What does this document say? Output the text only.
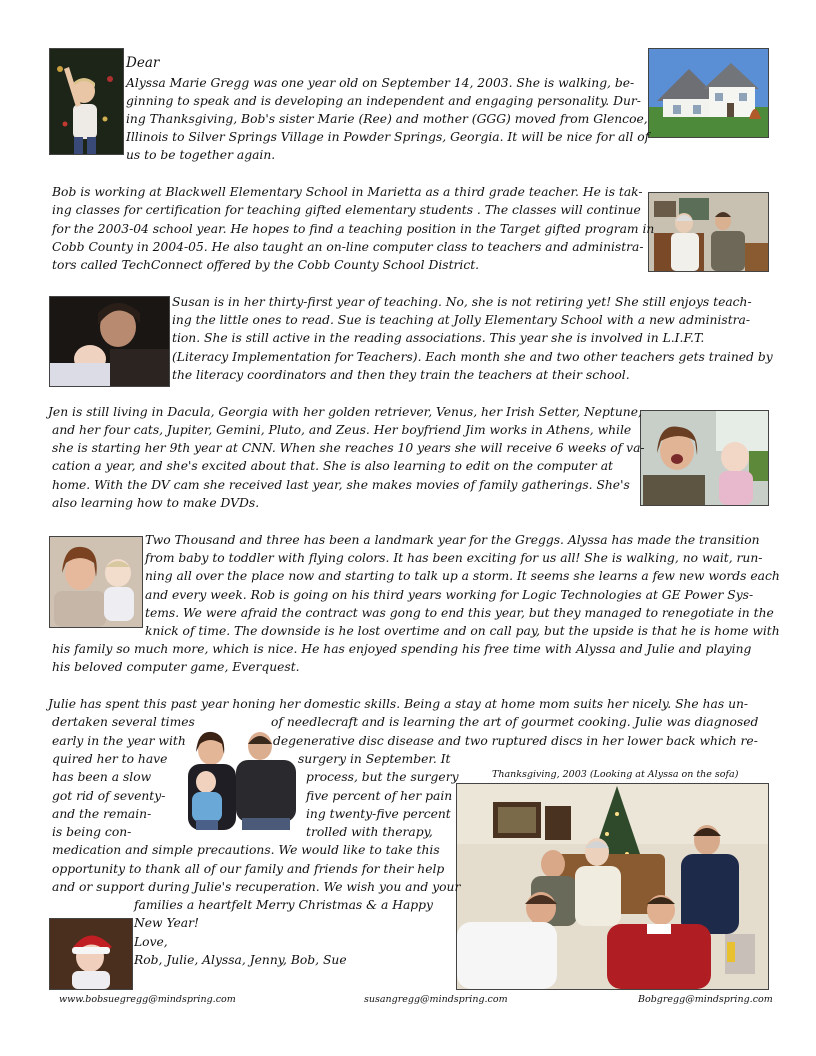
Dear
Alyssa Marie Gregg was one year old on September 14, 2003. She is walking, be-
ginning to speak and is developing an independent and engaging personality. Dur-
ing Thanksgiving, Bob's sister Marie (Ree) and mother (GGG) moved from Glencoe,
Illinois to Silver Springs Village in Powder Springs, Georgia. It will be nice for all of
us to be together again.
Bob is working at Blackwell Elementary School in Marietta as a third grade teacher. He is tak-
ing classes for certification for teaching gifted elementary students . The classes will continue
for the 2003-04 school year. He hopes to find a teaching position in the Target gifted program in
Cobb County in 2004-05. He also taught an on-line computer class to teachers and administra-
tors called TechConnect offered by the Cobb County School District.
Susan is in her thirty-first year of teaching. No, she is not retiring yet! She still enjoys teach-
ing the little ones to read. Sue is teaching at Jolly Elementary School with a new administra-
tion. She is still active in the reading associations. This year she is involved in L.I.F.T.
(Literacy Implementation for Teachers). Each month she and two other teachers gets trained by
the literacy coordinators and then they train the teachers at their school.
Jen is still living in Dacula, Georgia with her golden retriever, Venus, her Irish Setter, Neptune,
and her four cats, Jupiter, Gemini, Pluto, and Zeus. Her boyfriend Jim works in Athens, while
she is starting her 9th year at CNN. When she reaches 10 years she will receive 6 weeks of va-
cation a year, and she's excited about that. She is also learning to edit on the computer at
home. With the DV cam she received last year, she makes movies of family gatherings. She's
also learning how to make DVDs.
Two Thousand and three has been a landmark year for the Greggs. Alyssa has made the transition
from baby to toddler with flying colors. It has been exciting for us all! She is walking, no wait, run-
ning all over the place now and starting to talk up a storm. It seems she learns a few new words each
and every week. Rob is going on his third years working for Logic Technologies at GE Power Sys-
tems. We were afraid the contract was gong to end this year, but they managed to renegotiate in the
knick of time. The downside is he lost overtime and on call pay, but the upside is that he is home with
his family so much more, which is nice. He has enjoyed spending his free time with Alyssa and Julie and playing
his beloved computer game, Everquest.
Julie has spent this past year honing her domestic skills. Being a stay at home mom suits her nicely. She has un-
dertaken several times	of needlecraft and is learning the art of gourmet cooking. Julie was diagnosed
early in the year with	degenerative disc disease and two ruptured discs in her lower back which re-
quired her to have	surgery in September. It
has been a slow	process, but the surgery
got rid of seventy-	five percent of her pain
and the remain-	ing twenty-five percent
is being con-	trolled with therapy,
medication and simple precautions. We would like to take this
opportunity to thank all of our family and friends for their help
and or support during Julie's recuperation. We wish you and your
families a heartfelt Merry Christmas & a Happy
New Year!
Love,
Rob, Julie, Alyssa, Jenny, Bob, Sue
Thanksgiving, 2003 (Looking at Alyssa on the sofa)
www.bobsuegregg@mindspring.com	susangregg@mindspring.com	Bobgregg@mindspring.com
